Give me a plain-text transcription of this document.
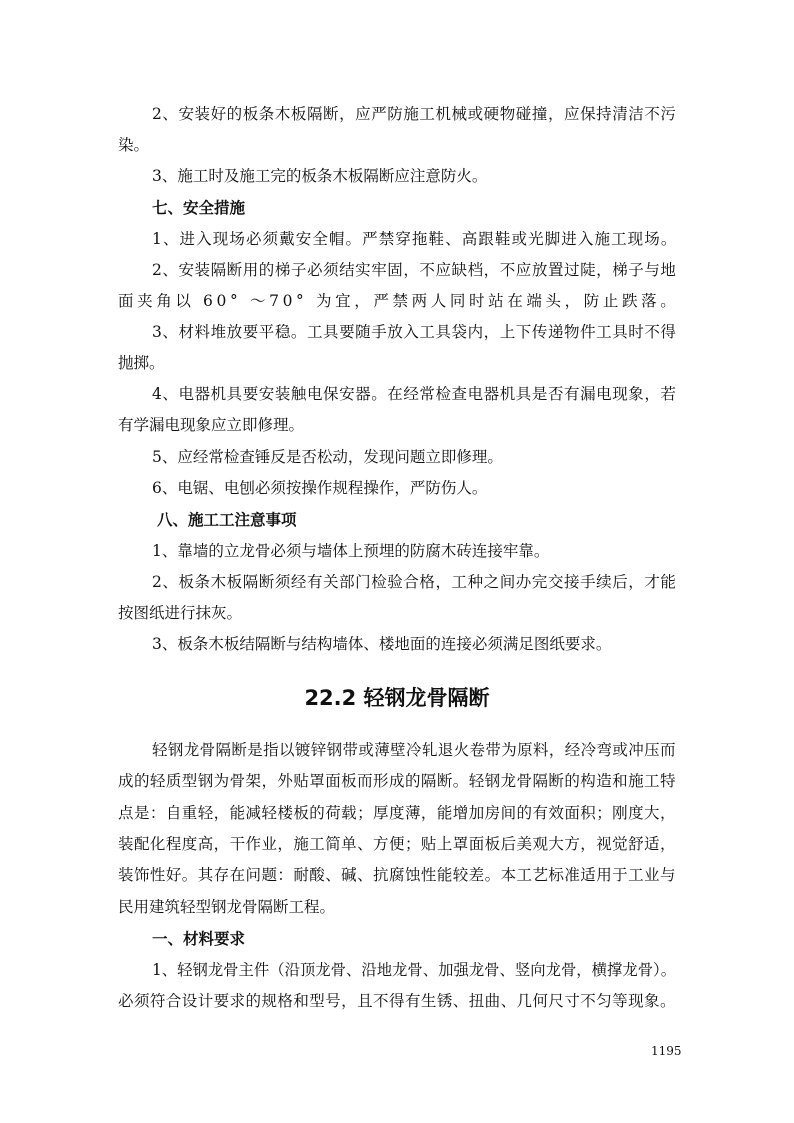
2、安装好的板条木板隔断，应严防施工机械或硬物碰撞，应保持清洁不污
染。
3、施工时及施工完的板条木板隔断应注意防火。
七、安全措施
1、进入现场必须戴安全帽。严禁穿拖鞋、高跟鞋或光脚进入施工现场。
2、安装隔断用的梯子必须结实牢固，不应缺档，不应放置过陡，梯子与地
面夹角以 60° ～70° 为宜，严禁两人同时站在端头，防止跌落。
3、材料堆放要平稳。工具要随手放入工具袋内，上下传递物件工具时不得
抛掷。
4、电器机具要安装触电保安器。在经常检查电器机具是否有漏电现象，若
有学漏电现象应立即修理。
5、应经常检查锤反是否松动，发现问题立即修理。
6、电锯、电刨必须按操作规程操作，严防伤人。
八、施工工注意事项
1、靠墙的立龙骨必须与墙体上预埋的防腐木砖连接牢靠。
2、板条木板隔断须经有关部门检验合格，工种之间办完交接手续后，才能
按图纸进行抹灰。
3、板条木板结隔断与结构墙体、楼地面的连接必须满足图纸要求。
22.2 轻钢龙骨隔断
轻钢龙骨隔断是指以镀锌钢带或薄壁冷轧退火卷带为原料，经冷弯或冲压而
成的轻质型钢为骨架，外贴罩面板而形成的隔断。轻钢龙骨隔断的构造和施工特
点是：自重轻，能减轻楼板的荷载；厚度薄，能增加房间的有效面积；刚度大，
装配化程度高，干作业，施工简单、方便；贴上罩面板后美观大方，视觉舒适，
装饰性好。其存在问题：耐酸、碱、抗腐蚀性能较差。本工艺标准适用于工业与
民用建筑轻型钢龙骨隔断工程。
一、材料要求
1、轻钢龙骨主件（沿顶龙骨、沿地龙骨、加强龙骨、竖向龙骨，横撑龙骨）。
必须符合设计要求的规格和型号，且不得有生锈、扭曲、几何尺寸不匀等现象。
1195
